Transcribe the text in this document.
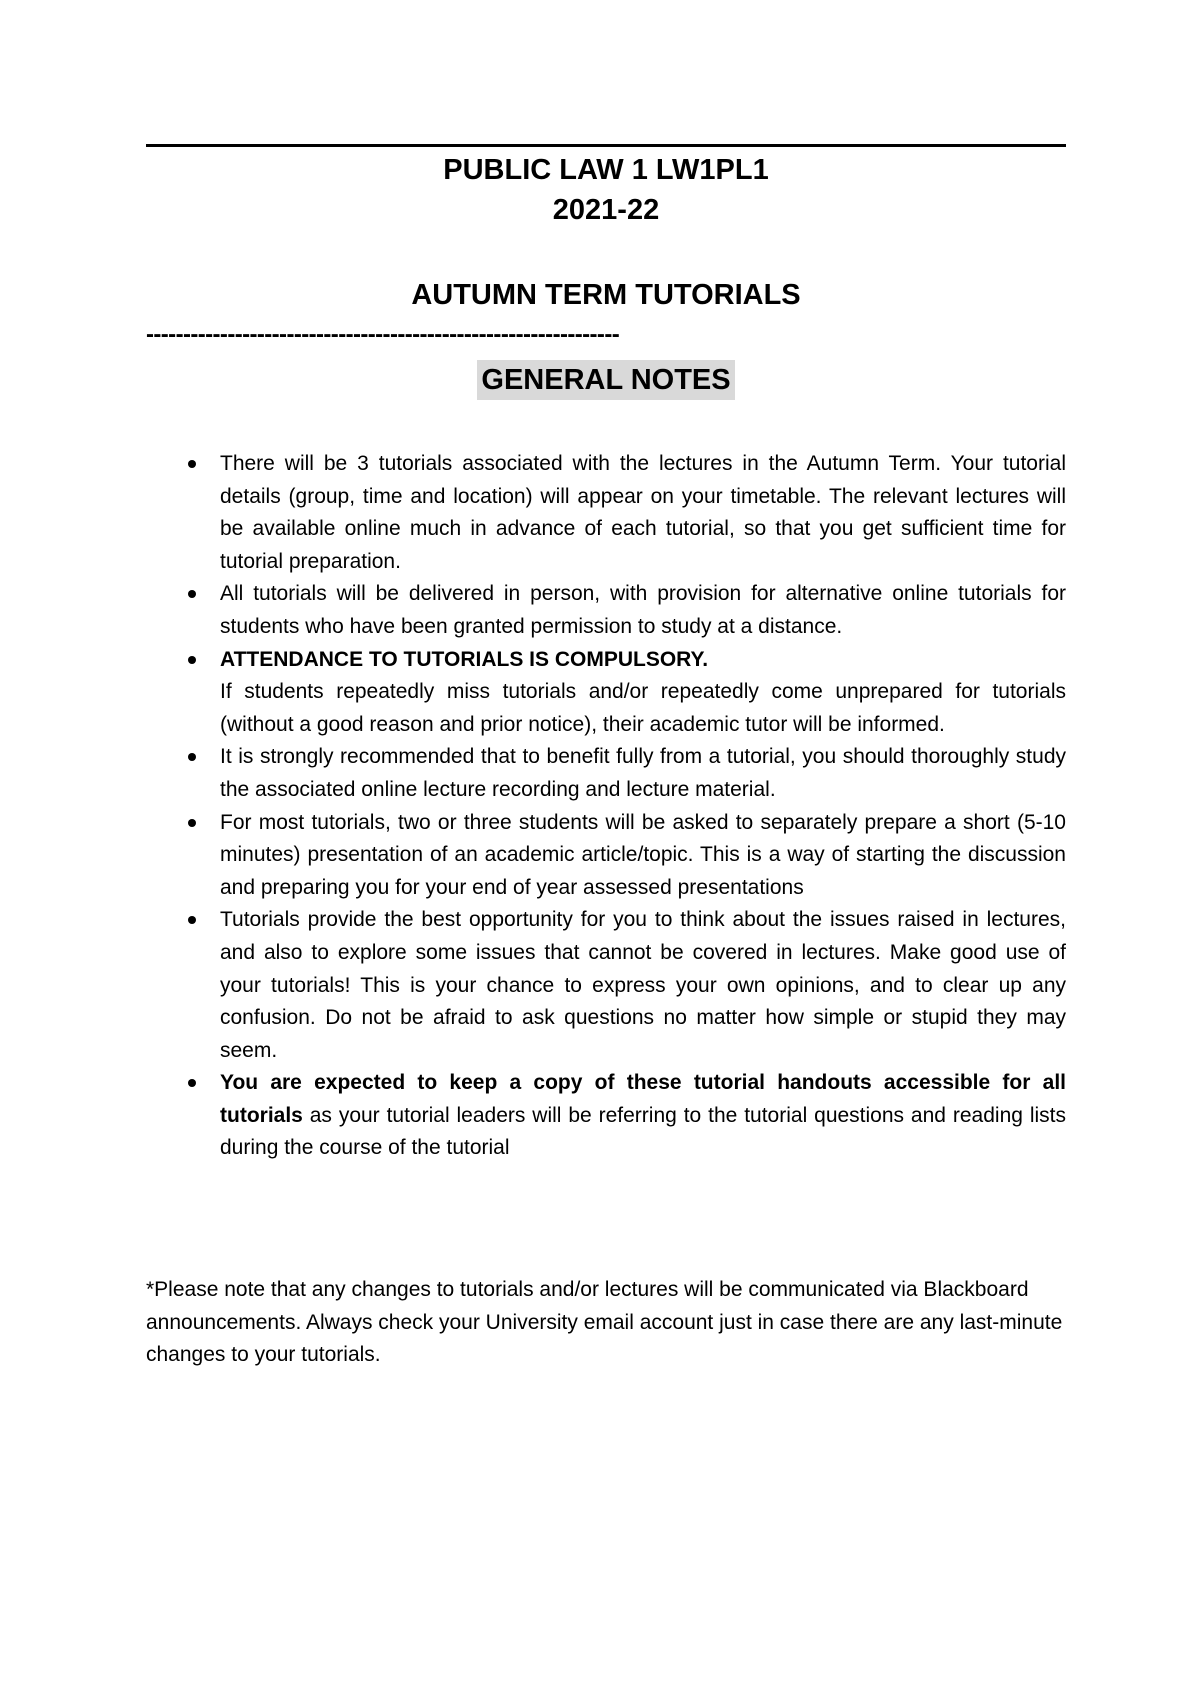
PUBLIC LAW 1 LW1PL1
2021-22
AUTUMN TERM TUTORIALS
----------------------------------------------------------------
GENERAL NOTES
There will be 3 tutorials associated with the lectures in the Autumn Term. Your tutorial details (group, time and location) will appear on your timetable. The relevant lectures will be available online much in advance of each tutorial, so that you get sufficient time for tutorial preparation.
All tutorials will be delivered in person, with provision for alternative online tutorials for students who have been granted permission to study at a distance.
ATTENDANCE TO TUTORIALS IS COMPULSORY.
If students repeatedly miss tutorials and/or repeatedly come unprepared for tutorials (without a good reason and prior notice), their academic tutor will be informed.
It is strongly recommended that to benefit fully from a tutorial, you should thoroughly study the associated online lecture recording and lecture material.
For most tutorials, two or three students will be asked to separately prepare a short (5-10 minutes) presentation of an academic article/topic. This is a way of starting the discussion and preparing you for your end of year assessed presentations
Tutorials provide the best opportunity for you to think about the issues raised in lectures, and also to explore some issues that cannot be covered in lectures. Make good use of your tutorials! This is your chance to express your own opinions, and to clear up any confusion. Do not be afraid to ask questions no matter how simple or stupid they may seem.
You are expected to keep a copy of these tutorial handouts accessible for all tutorials as your tutorial leaders will be referring to the tutorial questions and reading lists during the course of the tutorial

*Please note that any changes to tutorials and/or lectures will be communicated via Blackboard announcements. Always check your University email account just in case there are any last-minute changes to your tutorials.
